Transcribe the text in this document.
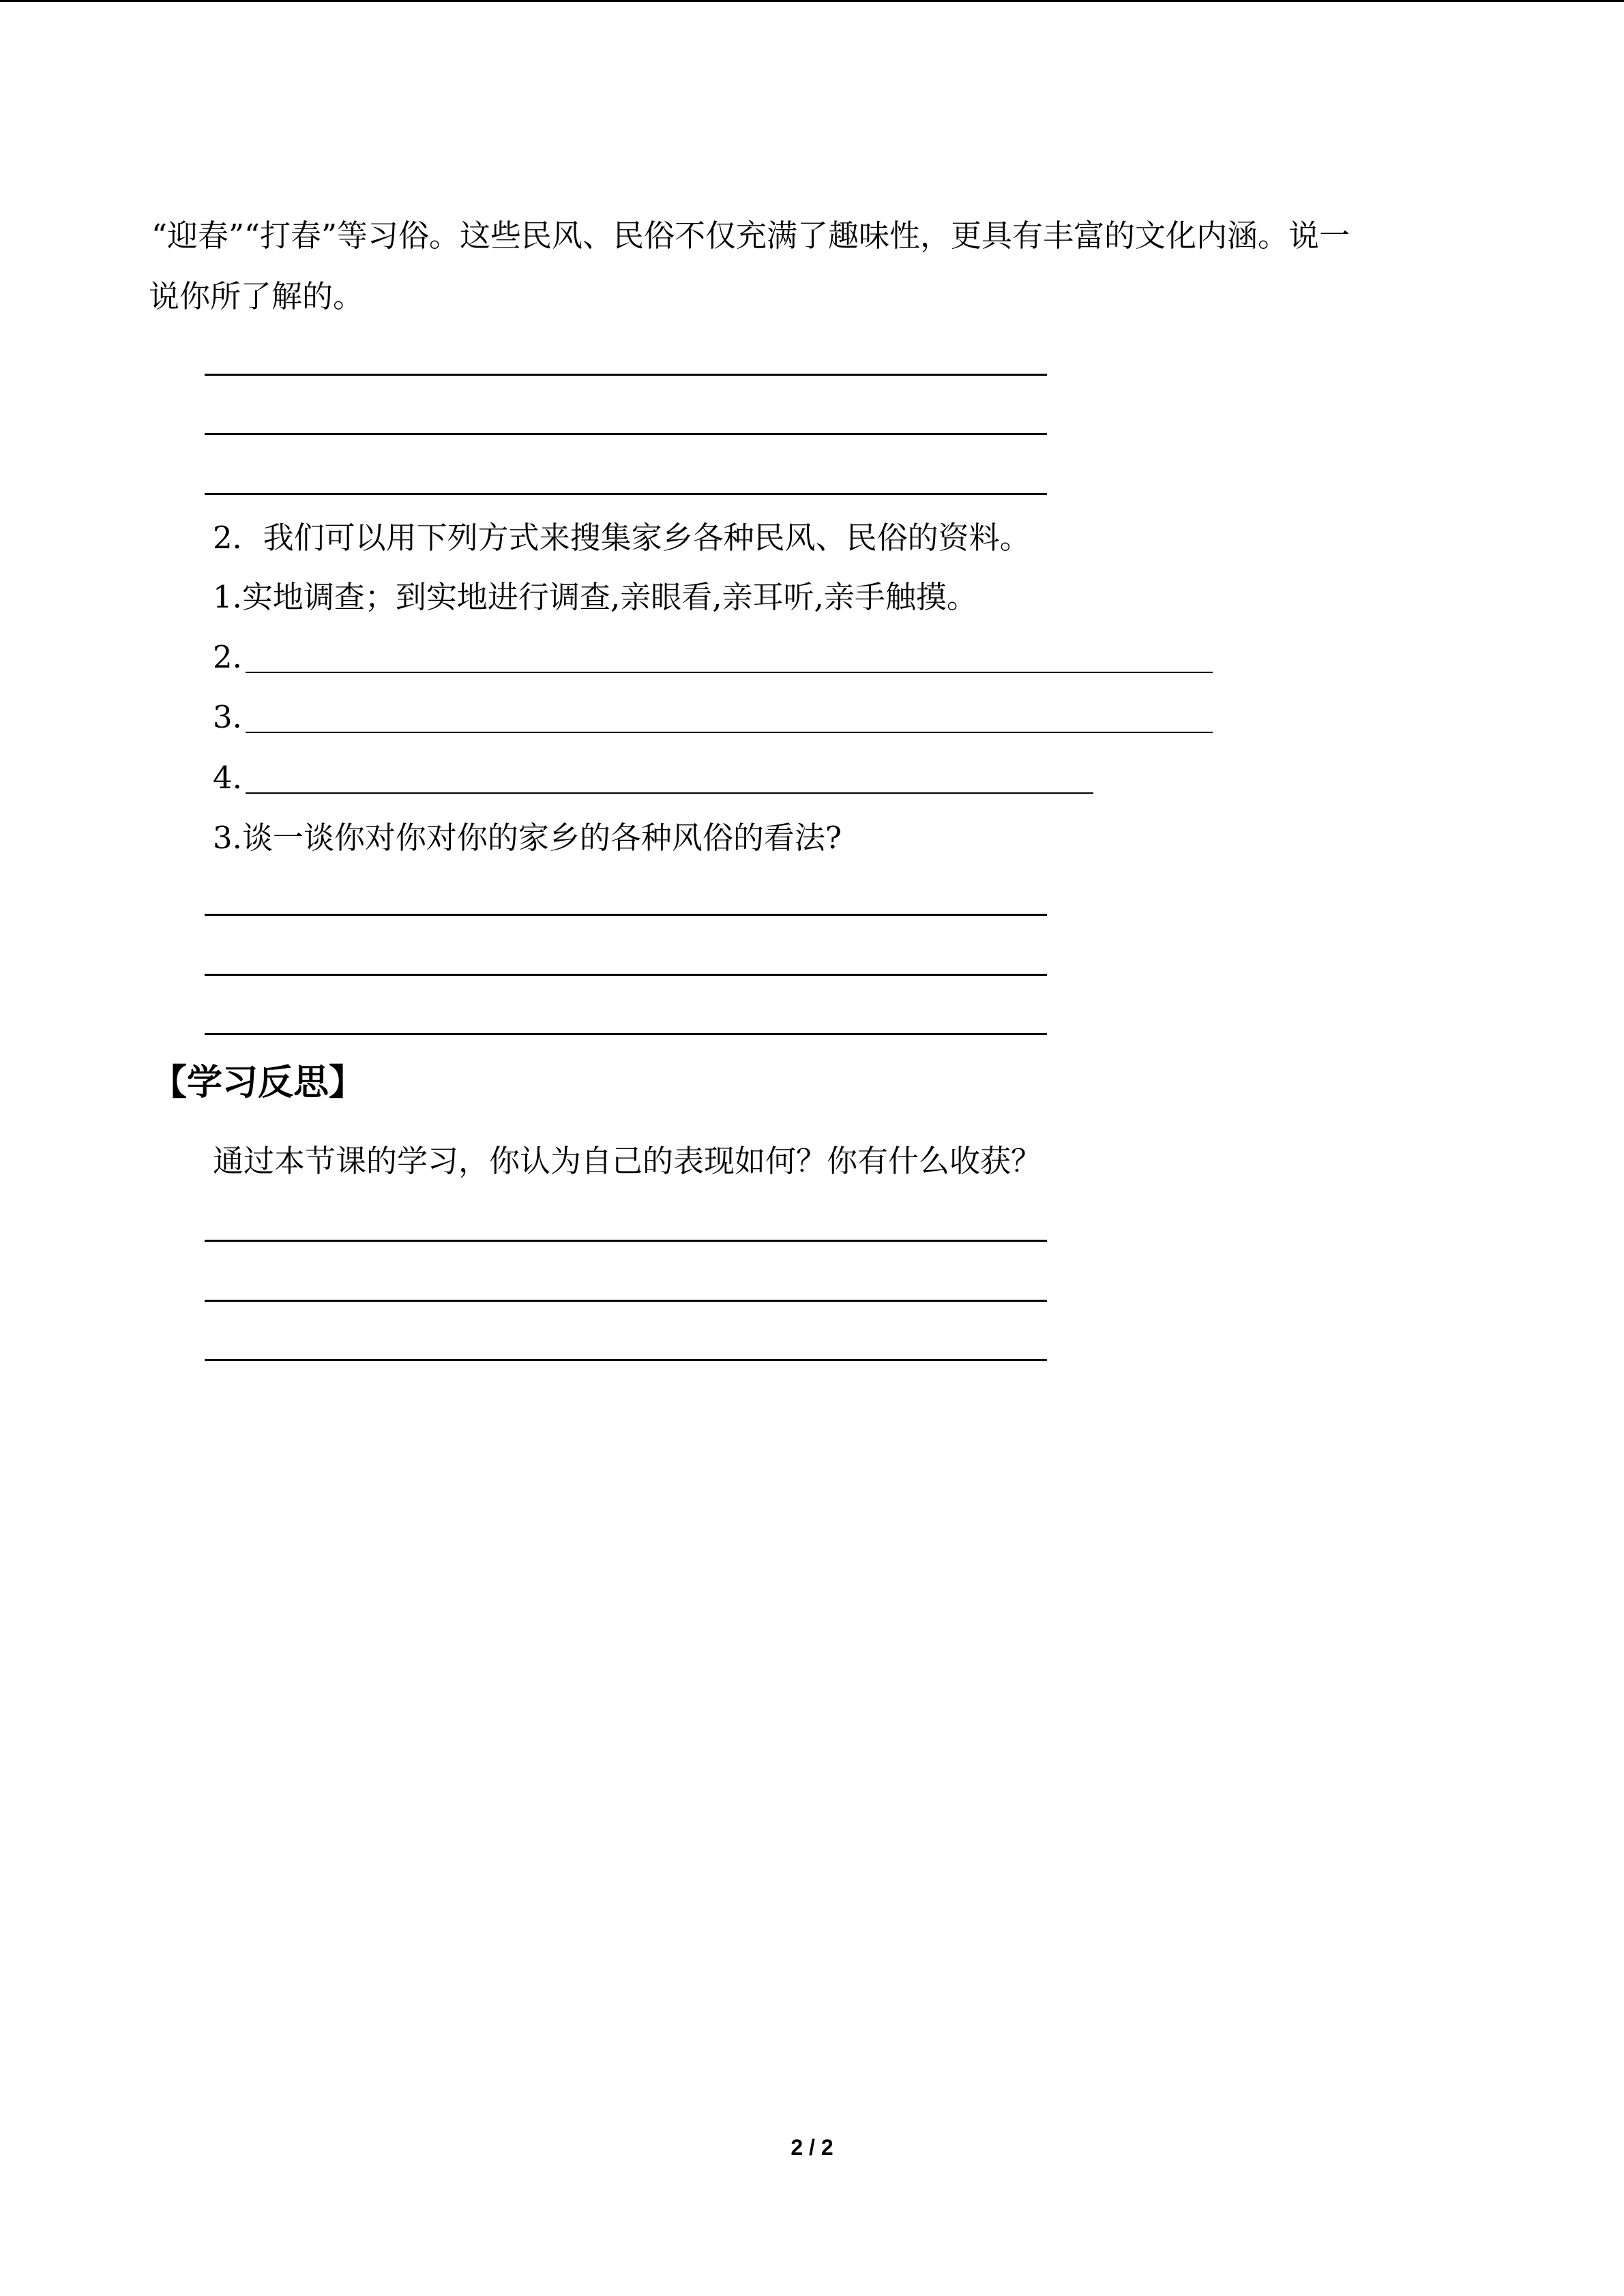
“迎春”“打春”等习俗。这些民风、民俗不仅充满了趣味性，更具有丰富的文化内涵。说一
说你所了解的。
2．我们可以用下列方式来搜集家乡各种民风、民俗的资料。
1.实地调查；到实地进行调查,亲眼看,亲耳听,亲手触摸。
2.
3.
4.
3.谈一谈你对你对你的家乡的各种风俗的看法?
【学习反思】
通过本节课的学习，你认为自己的表现如何？你有什么收获？
2 / 2
